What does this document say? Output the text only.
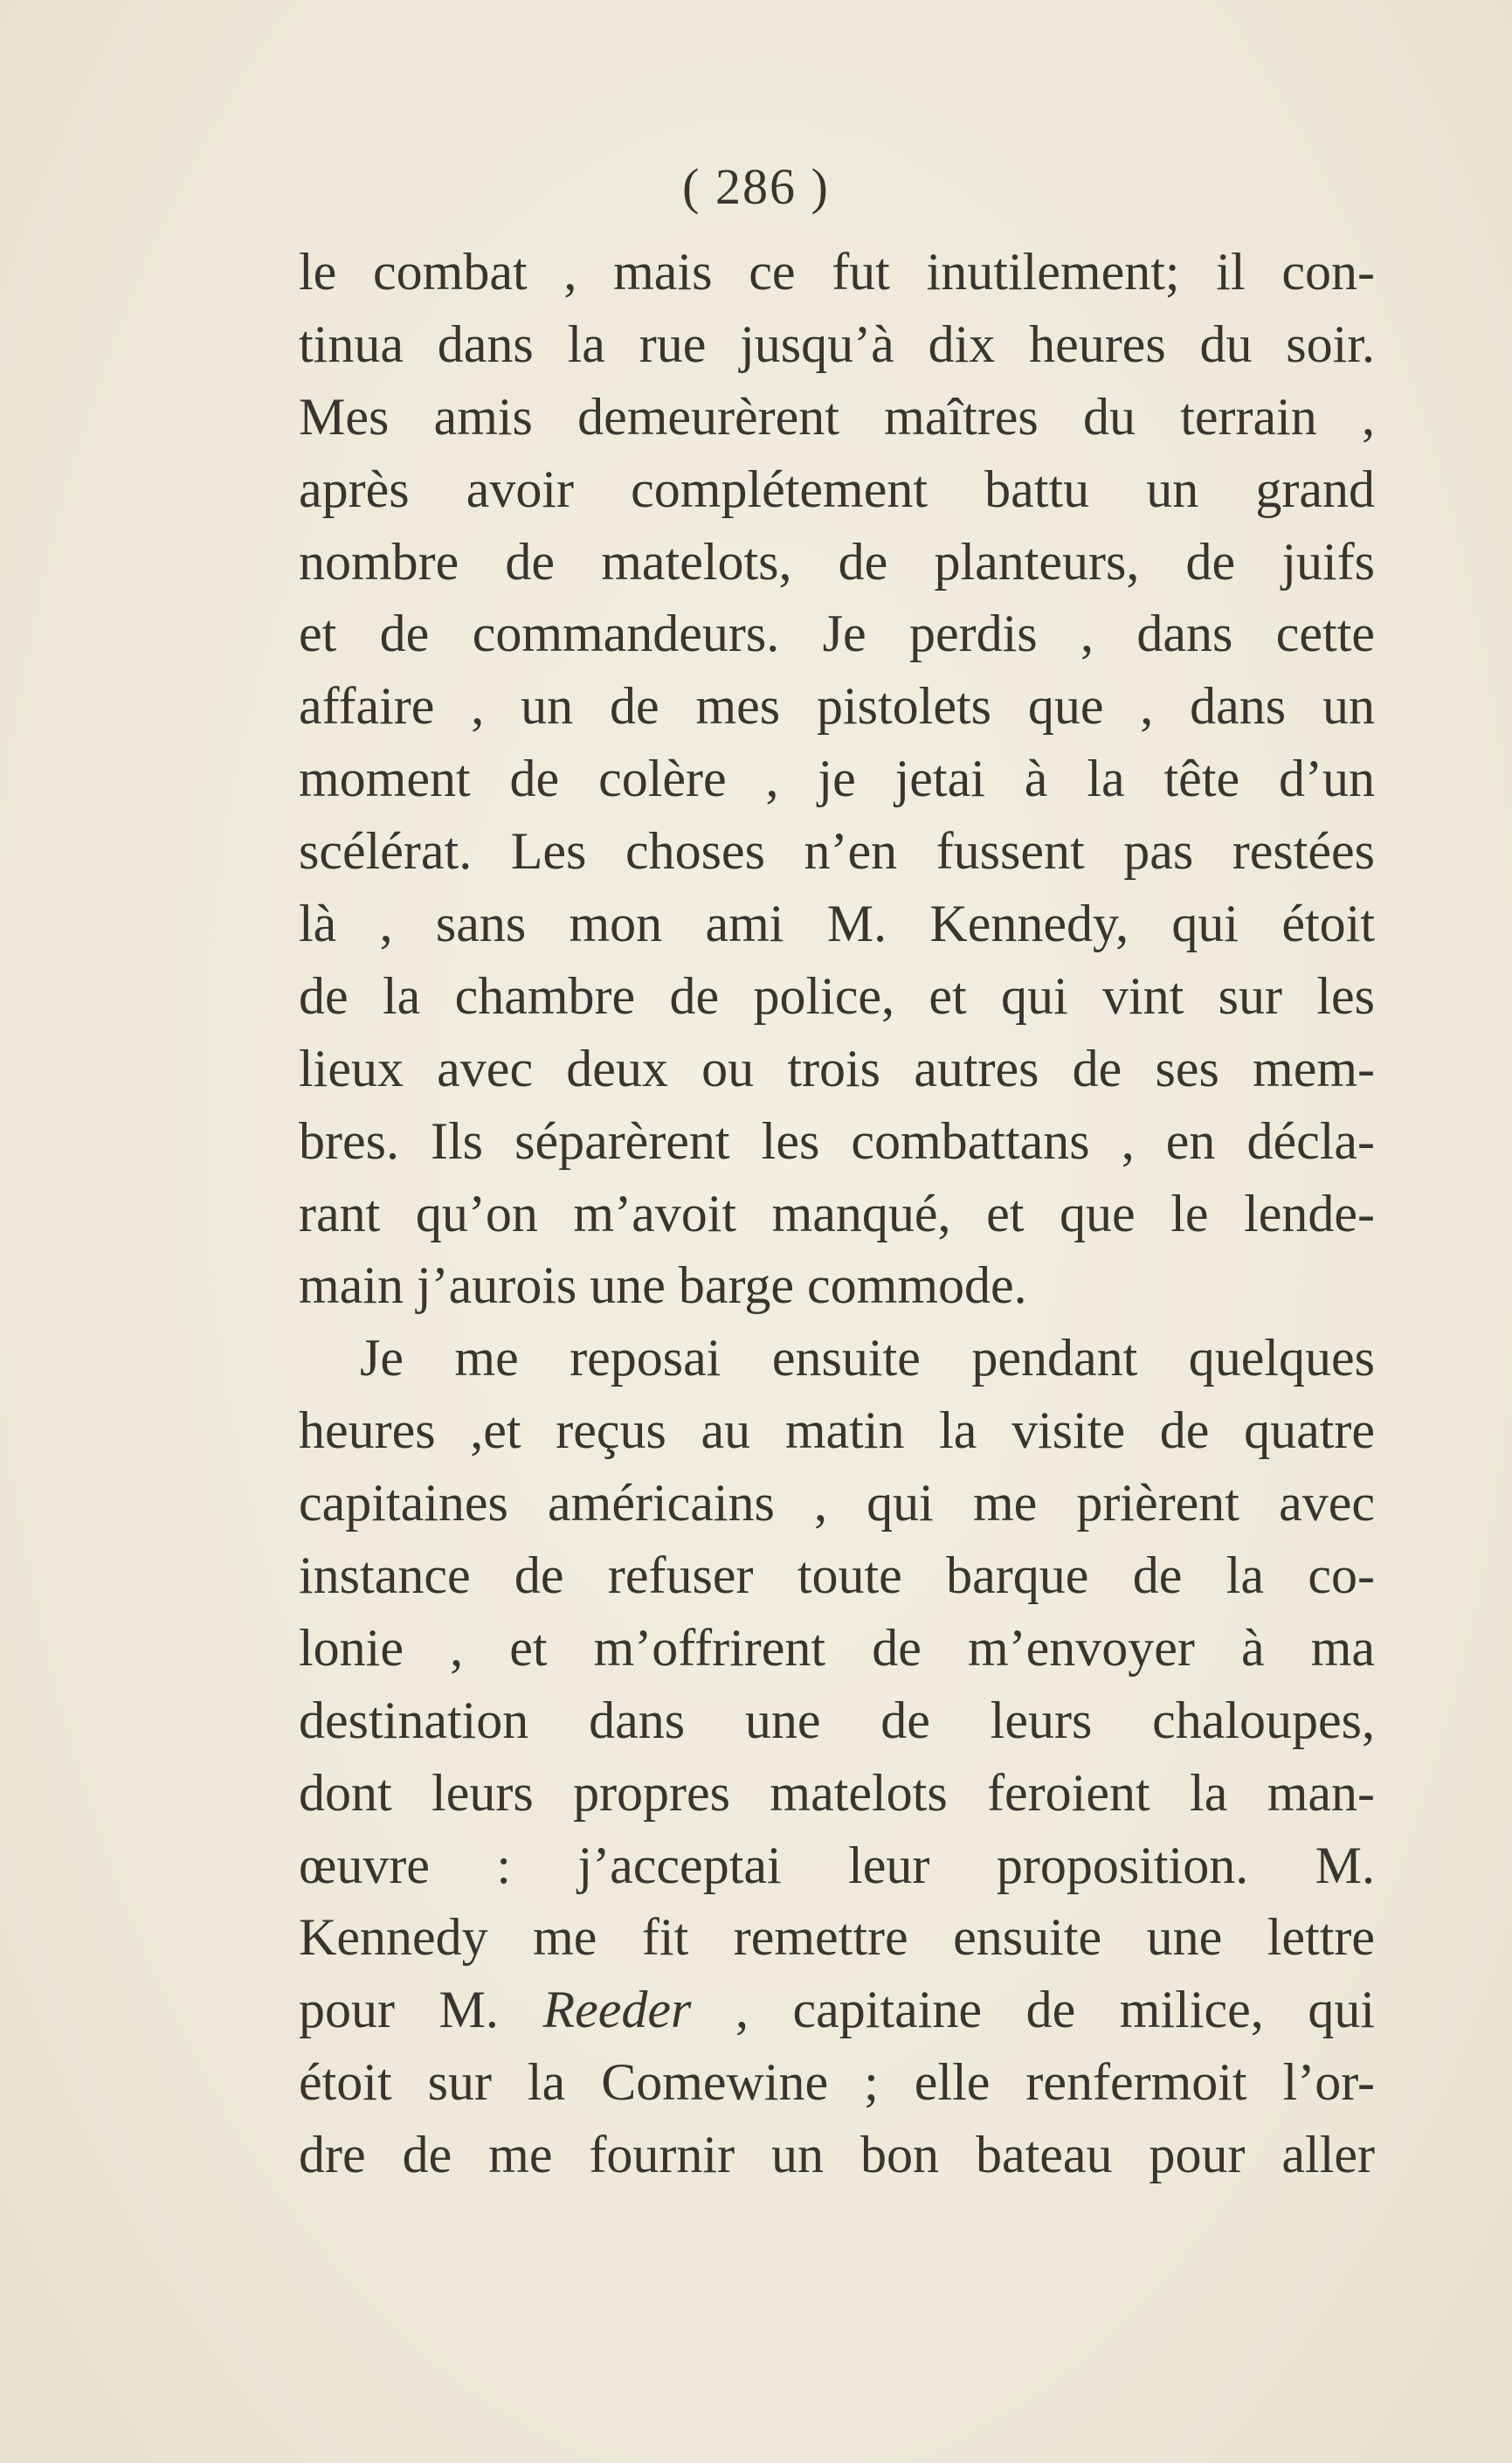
( 286 )
le combat , mais ce fut inutilement; il con-
tinua dans la rue jusqu’à dix heures du soir.
Mes amis demeurèrent maîtres du terrain ,
après avoir complétement battu un grand
nombre de matelots, de planteurs, de juifs
et de commandeurs. Je perdis , dans cette
affaire , un de mes pistolets que , dans un
moment de colère , je jetai à la tête d’un
scélérat. Les choses n’en fussent pas restées
là , sans mon ami M. Kennedy, qui étoit
de la chambre de police, et qui vint sur les
lieux avec deux ou trois autres de ses mem-
bres. Ils séparèrent les combattans , en décla-
rant qu’on m’avoit manqué, et que le lende-
main j’aurois une barge commode.
Je me reposai ensuite pendant quelques
heures ,et reçus au matin la visite de quatre
capitaines américains , qui me prièrent avec
instance de refuser toute barque de la co-
lonie , et m’offrirent de m’envoyer à ma
destination dans une de leurs chaloupes,
dont leurs propres matelots feroient la man-
œuvre : j’acceptai leur proposition. M.
Kennedy me fit remettre ensuite une lettre
pour M. Reeder , capitaine de milice, qui
étoit sur la Comewine ; elle renfermoit l’or-
dre de me fournir un bon bateau pour aller
